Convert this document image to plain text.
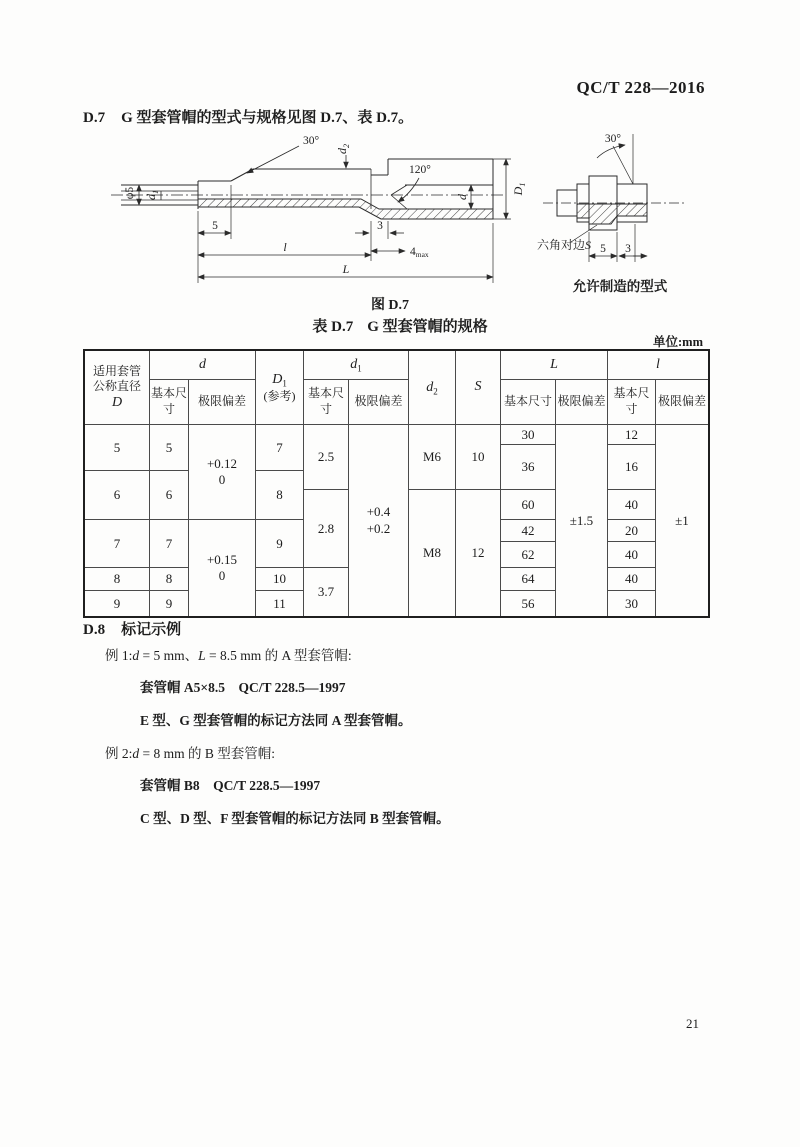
QC/T 228—2016
D.7 G 型套管帽的型式与规格见图 D.7、表 D.7。
30°
120°
φ5 $d_1$
$d_2$
d
$D_1$
5	3
4max
l
L
30°
六角对边S 5 3
允许制造的型式
图 D.7
表 D.7 G 型套管帽的规格
单位:mm
适用套管
公称直径
D
d
基本尺寸
极限偏差
$D_1$
(参考)
$d_1$
基本尺寸
极限偏差
$d_2$	S
L
基本尺寸 极限偏差
l
基本尺寸
极限偏差
5
6
7
8
9
5
6
7
8
9
+0.12
0
+0.15
0
7
8
9
10
11
2.5
2.8
3.7
+0.4
+0.2
M6
M8
10
12
30
36
60
42
62
64
56
±1.5
12
16
40
20
40
40
30
±1
D.8 标记示例
例 1:d = 5 mm、L = 8.5 mm 的 A 型套管帽:
套管帽 A5×8.5　QC/T 228.5—1997
E 型、G 型套管帽的标记方法同 A 型套管帽。
例 2:d = 8 mm 的 B 型套管帽:
套管帽 B8　QC/T 228.5—1997
C 型、D 型、F 型套管帽的标记方法同 B 型套管帽。
21
